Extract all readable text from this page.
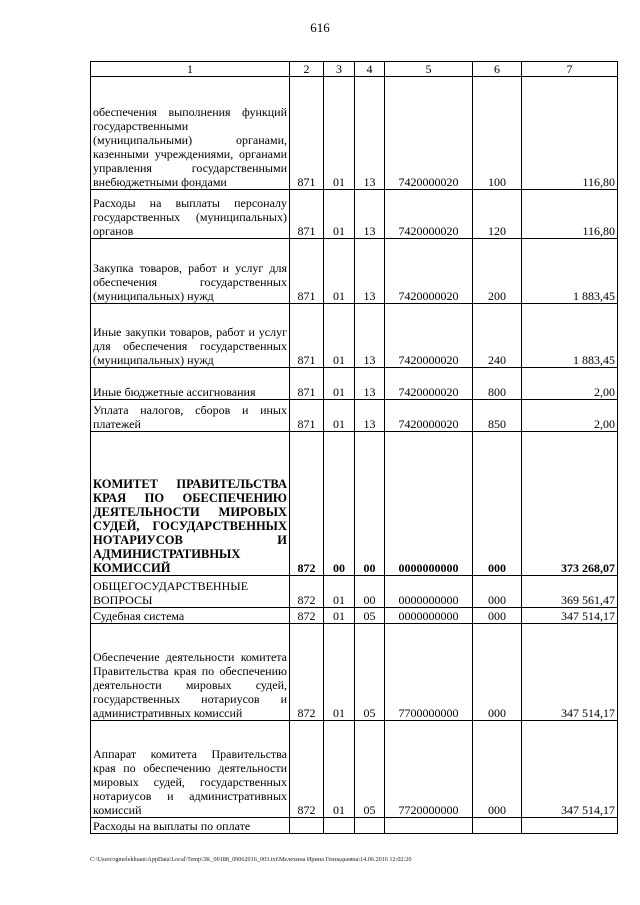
616
1	2	3	4	5	6	7
обеспечения выполнения функций государственными (муниципальными) органами, казенными учреждениями, органами управления государственными внебюджетными фондами	871	01	13	7420000020	100	116,80
Расходы на выплаты персоналу государственных (муниципальных) органов	871	01	13	7420000020	120	116,80
Закупка товаров, работ и услуг для обеспечения государственных (муниципальных) нужд	871	01	13	7420000020	200	1 883,45
Иные закупки товаров, работ и услуг для обеспечения государственных (муниципальных) нужд	871	01	13	7420000020	240	1 883,45
Иные бюджетные ассигнования	871	01	13	7420000020	800	2,00
Уплата налогов, сборов и иных платежей	871	01	13	7420000020	850	2,00
КОМИТЕТ ПРАВИТЕЛЬСТВА КРАЯ ПО ОБЕСПЕЧЕНИЮ ДЕЯТЕЛЬНОСТИ МИРОВЫХ СУДЕЙ, ГОСУДАРСТВЕННЫХ НОТАРИУСОВ И АДМИНИСТРАТИВНЫХ КОМИССИЙ	872	00	00	0000000000	000	373 268,07
ОБЩЕГОСУДАРСТВЕННЫЕ ВОПРОСЫ	872	01	00	0000000000	000	369 561,47
Судебная система	872	01	05	0000000000	000	347 514,17
Обеспечение деятельности комитета Правительства края по обеспечению деятельности мировых судей, государственных нотариусов и административных комиссий	872	01	05	7700000000	000	347 514,17
Аппарат комитета Правительства края по обеспечению деятельности мировых судей, государственных нотариусов и административных комиссий	872	01	05	7720000000	000	347 514,17
Расходы на выплаты по оплате						
C:\Users\rgmelekhuan\AppData\Local\Temp\3K_00188_09062016_003.txt\Мелехина Ирина Геннадьевна\14.06.2016 12:02:20
